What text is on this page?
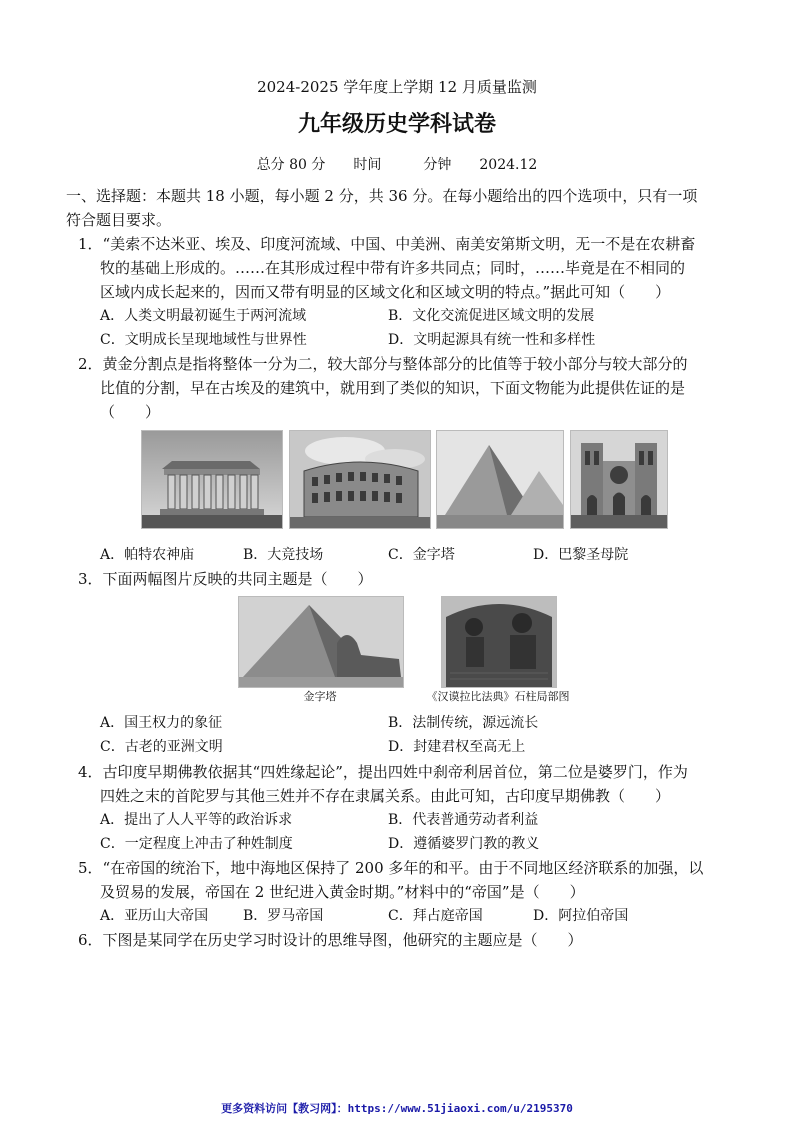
2024-2025 学年度上学期 12 月质量监测
九年级历史学科试卷
总分 80 分　　时间　　　分钟　　2024.12
一、选择题：本题共 18 小题，每小题 2 分，共 36 分。在每小题给出的四个选项中，只有一项
符合题目要求。
1．“美索不达米亚、埃及、印度河流域、中国、中美洲、南美安第斯文明，无一不是在农耕畜
牧的基础上形成的。……在其形成过程中带有许多共同点；同时，……毕竟是在不相同的
区域内成长起来的，因而又带有明显的区域文化和区域文明的特点。”据此可知（　　）
A．人类文明最初诞生于两河流域	B．文化交流促进区域文明的发展
C．文明成长呈现地域性与世界性	D．文明起源具有统一性和多样性
2．黄金分割点是指将整体一分为二，较大部分与整体部分的比值等于较小部分与较大部分的
比值的分割，早在古埃及的建筑中，就用到了类似的知识，下面文物能为此提供佐证的是
（　　）
A．帕特农神庙	B．大竞技场	C．金字塔	D．巴黎圣母院
3．下面两幅图片反映的共同主题是（　　）
金字塔	《汉谟拉比法典》石柱局部图
A．国王权力的象征	B．法制传统，源远流长
C．古老的亚洲文明	D．封建君权至高无上
4．古印度早期佛教依据其“四姓缘起论”，提出四姓中刹帝利居首位，第二位是婆罗门，作为
四姓之末的首陀罗与其他三姓并不存在隶属关系。由此可知，古印度早期佛教（　　）
A．提出了人人平等的政治诉求	B．代表普通劳动者利益
C．一定程度上冲击了种姓制度	D．遵循婆罗门教的教义
5．“在帝国的统治下，地中海地区保持了 200 多年的和平。由于不同地区经济联系的加强，以
及贸易的发展，帝国在 2 世纪进入黄金时期。”材料中的“帝国”是（　　）
A．亚历山大帝国 B．罗马帝国	C．拜占庭帝国	D．阿拉伯帝国
6．下图是某同学在历史学习时设计的思维导图，他研究的主题应是（　　）
更多资料访问【教习网】：https://www.51jiaoxi.com/u/2195370
